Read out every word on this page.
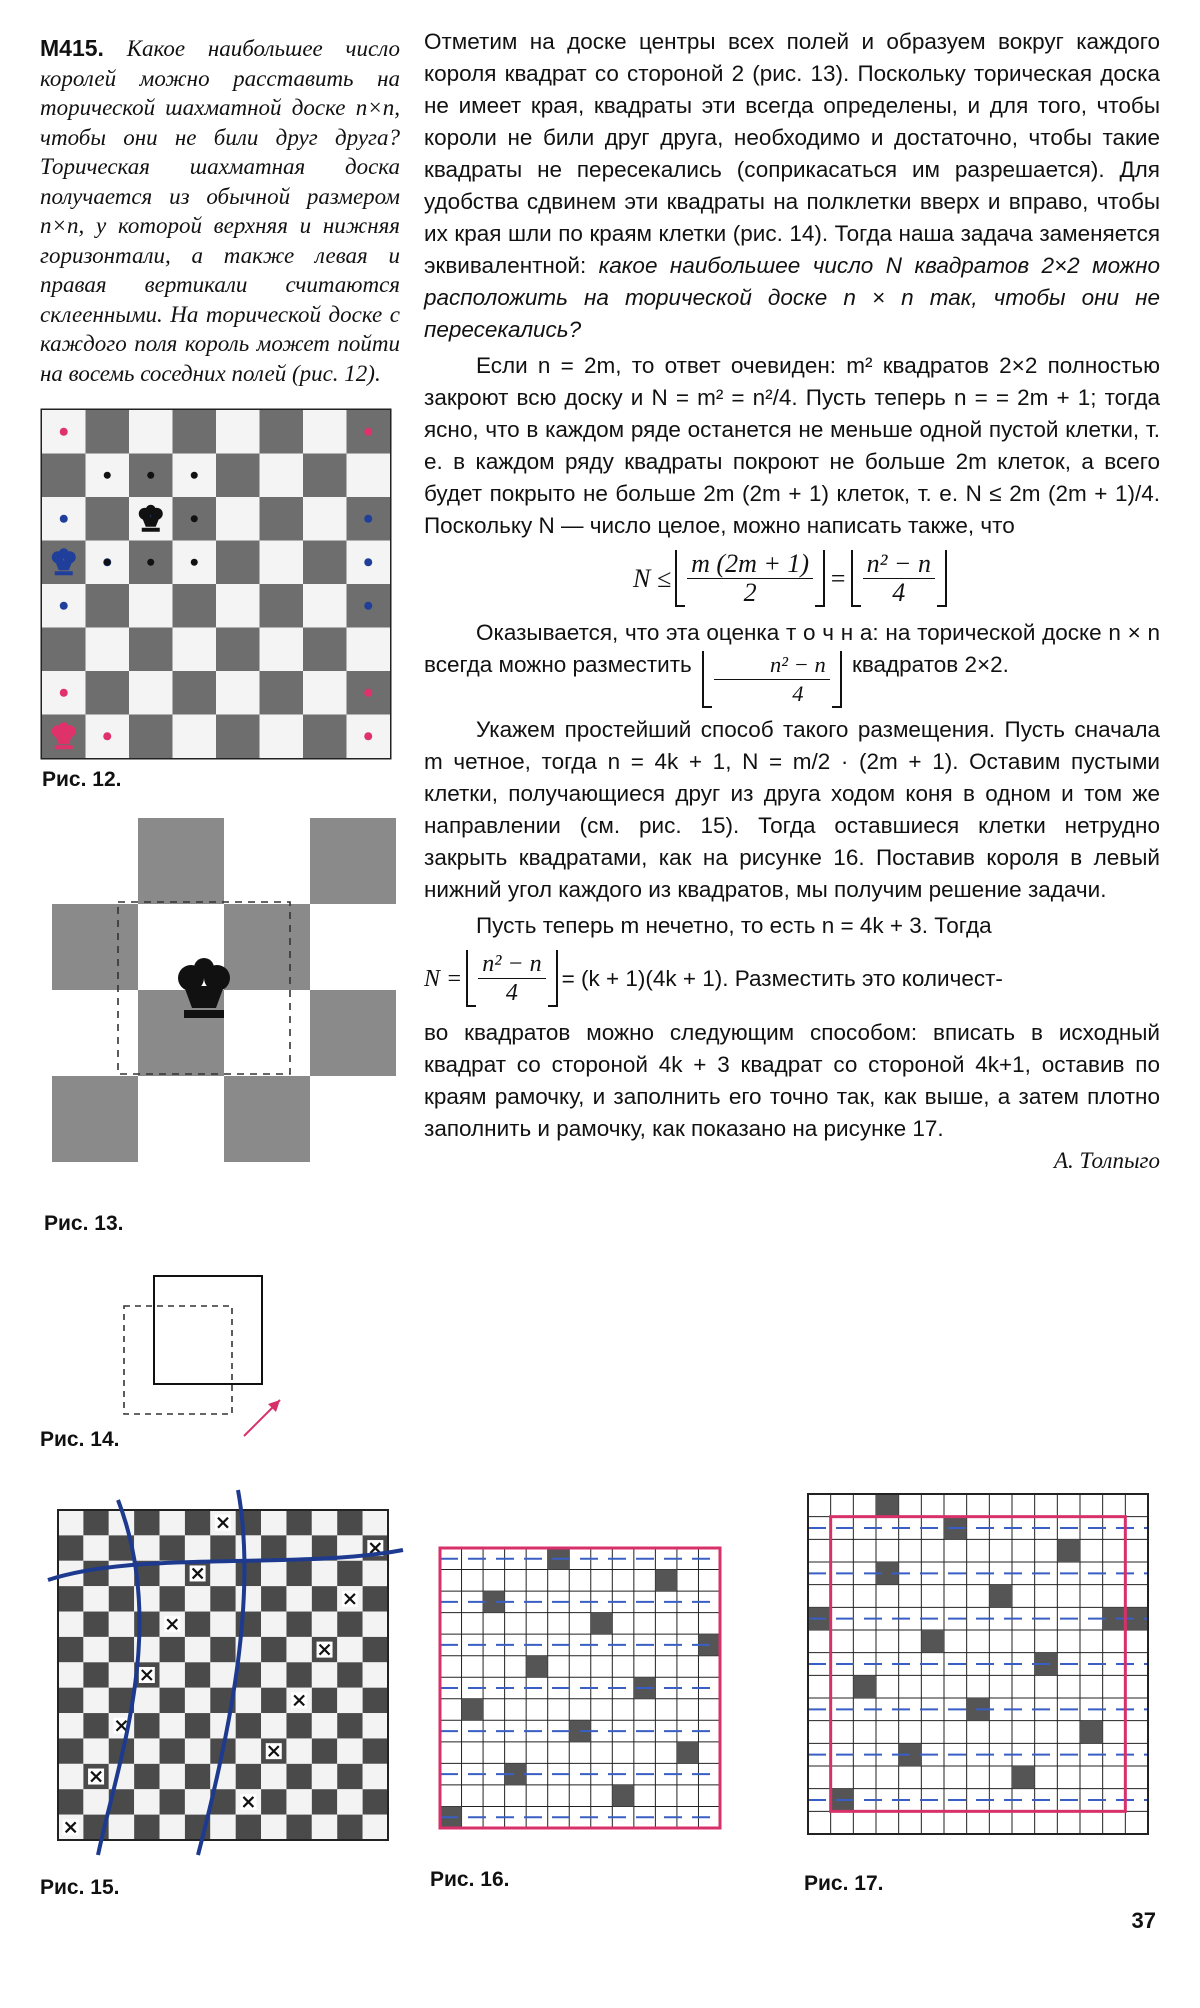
М415. Какое наибольшее число королей можно расставить на торической шахматной доске n×n, чтобы они не били друг друга? Торическая шахматная доска получается из обычной размером n×n, у которой верхняя и нижняя горизонтали, а также левая и правая вертикали считаются склеенными. На торической доске с каждого поля король может пойти на восемь соседних полей (рис. 12).
Рис. 12.
Рис. 13.
Рис. 14.

Отметим на доске центры всех полей и образуем вокруг каждого короля квадрат со стороной 2 (рис. 13). Поскольку торическая доска не имеет края, квадраты эти всегда определены, и для того, чтобы короли не били друг друга, необходимо и достаточно, чтобы такие квадраты не пересекались (соприкасаться им разрешается). Для удобства сдвинем эти квадраты на полклетки вверх и вправо, чтобы их края шли по краям клетки (рис. 14). Тогда наша задача заменяется эквивалентной: какое наибольшее число N квадратов 2×2 можно расположить на торической доске n × n так, чтобы они не пересекались?

Если n = 2m, то ответ очевиден: m² квадратов 2×2 полностью закроют всю доску и N = m² = n²/4. Пусть теперь n = = 2m + 1; тогда ясно, что в каждом ряде останется не меньше одной пустой клетки, т. е. в каждом ряду квадраты покроют не больше 2m клеток, а всего будет покрыто не больше 2m (2m + 1) клеток, т. е. N ≤ 2m (2m + 1)/4. Поскольку N — число целое, можно написать также, что

$N \le \frac{m (2m + 1)}{2} = \frac{\text{n² − n}}{4}$

Оказывается, что эта оценка т о ч н а: на торической доске n × n всегда можно разместить $\frac{\text{n² − n}}{4}$ квадратов 2×2.

Укажем простейший способ такого размещения. Пусть сначала m четное, тогда n = 4k + 1, N = m/2 · (2m + 1). Оставим пустыми клетки, получающиеся друг из друга ходом коня в одном и том же направлении (см. рис. 15). Тогда оставшиеся клетки нетрудно закрыть квадратами, как на рисунке 16. Поставив короля в левый нижний угол каждого из квадратов, мы получим решение задачи.

Пусть теперь m нечетно, то есть n = 4k + 3. Тогда

$N = \frac{\text{n² − n}}{4} = (k + 1)(4k + 1)$. Разместить это количест-

во квадратов можно следующим способом: вписать в исходный квадрат со стороной 4k + 3 квадрат со стороной 4k+1, оставив по краям рамочку, и заполнить его точно так, как выше, а затем плотно заполнить и рамочку, как показано на рисунке 17.

А. Толпыго
Рис. 15.	Рис. 16.	Рис. 17.
37
